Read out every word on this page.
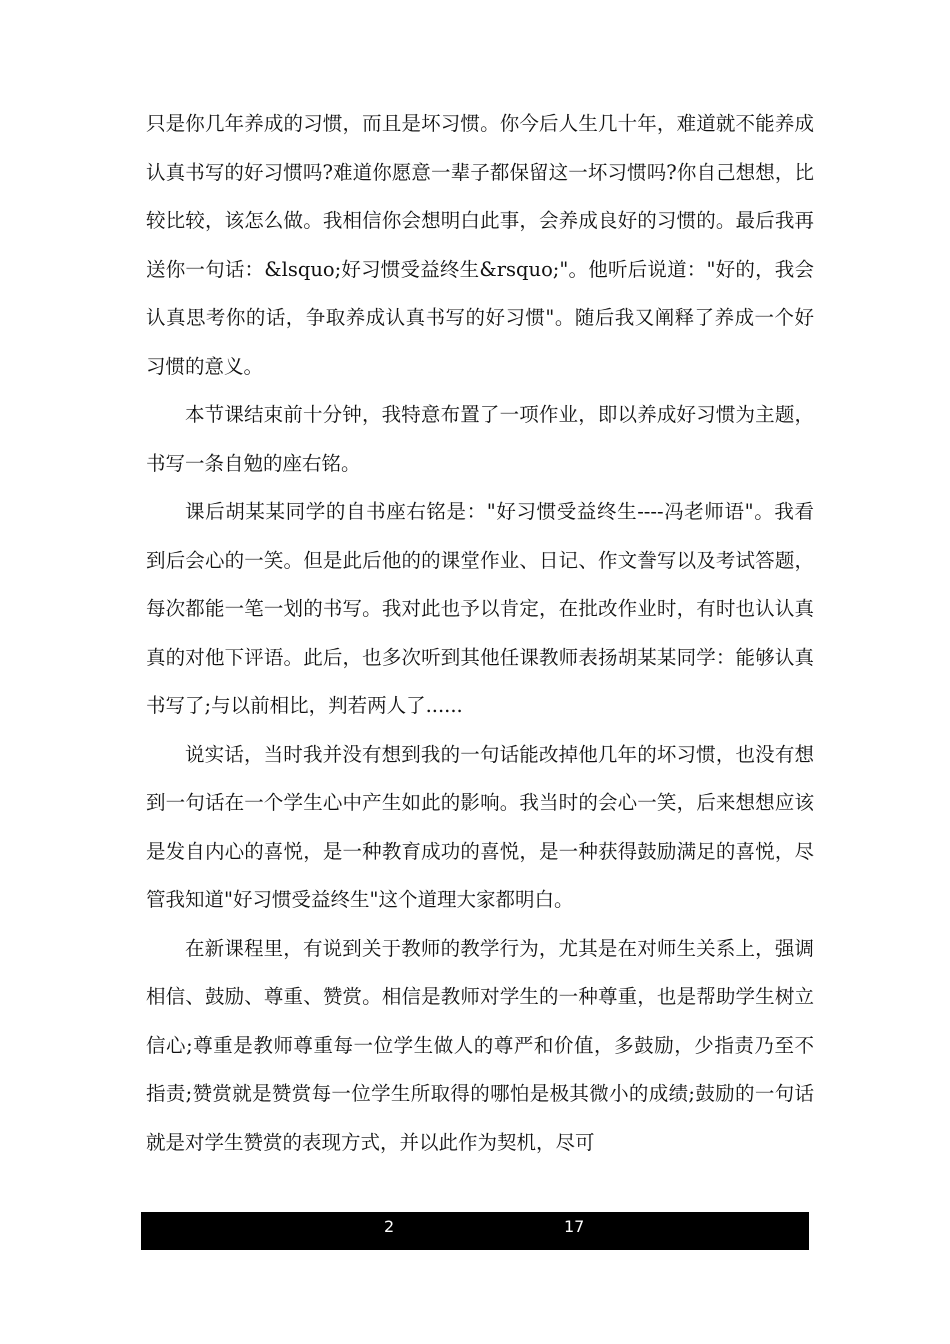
只是你几年养成的习惯，而且是坏习惯。你今后人生几十年，难道就不能养成认真书写的好习惯吗?难道你愿意一辈子都保留这一坏习惯吗?你自己想想，比较比较，该怎么做。我相信你会想明白此事，会养成良好的习惯的。最后我再送你一句话：&lsquo;好习惯受益终生&rsquo;"。他听后说道："好的，我会认真思考你的话，争取养成认真书写的好习惯"。随后我又阐释了养成一个好习惯的意义。

本节课结束前十分钟，我特意布置了一项作业，即以养成好习惯为主题，书写一条自勉的座右铭。

课后胡某某同学的自书座右铭是："好习惯受益终生----冯老师语"。我看到后会心的一笑。但是此后他的的课堂作业、日记、作文誊写以及考试答题，每次都能一笔一划的书写。我对此也予以肯定，在批改作业时，有时也认认真真的对他下评语。此后，也多次听到其他任课教师表扬胡某某同学：能够认真书写了;与以前相比，判若两人了......

说实话，当时我并没有想到我的一句话能改掉他几年的坏习惯，也没有想到一句话在一个学生心中产生如此的影响。我当时的会心一笑，后来想想应该是发自内心的喜悦，是一种教育成功的喜悦，是一种获得鼓励满足的喜悦，尽管我知道"好习惯受益终生"这个道理大家都明白。

在新课程里，有说到关于教师的教学行为，尤其是在对师生关系上，强调相信、鼓励、尊重、赞赏。相信是教师对学生的一种尊重，也是帮助学生树立信心;尊重是教师尊重每一位学生做人的尊严和价值，多鼓励，少指责乃至不指责;赞赏就是赞赏每一位学生所取得的哪怕是极其微小的成绩;鼓励的一句话就是对学生赞赏的表现方式，并以此作为契机，尽可

2	17
